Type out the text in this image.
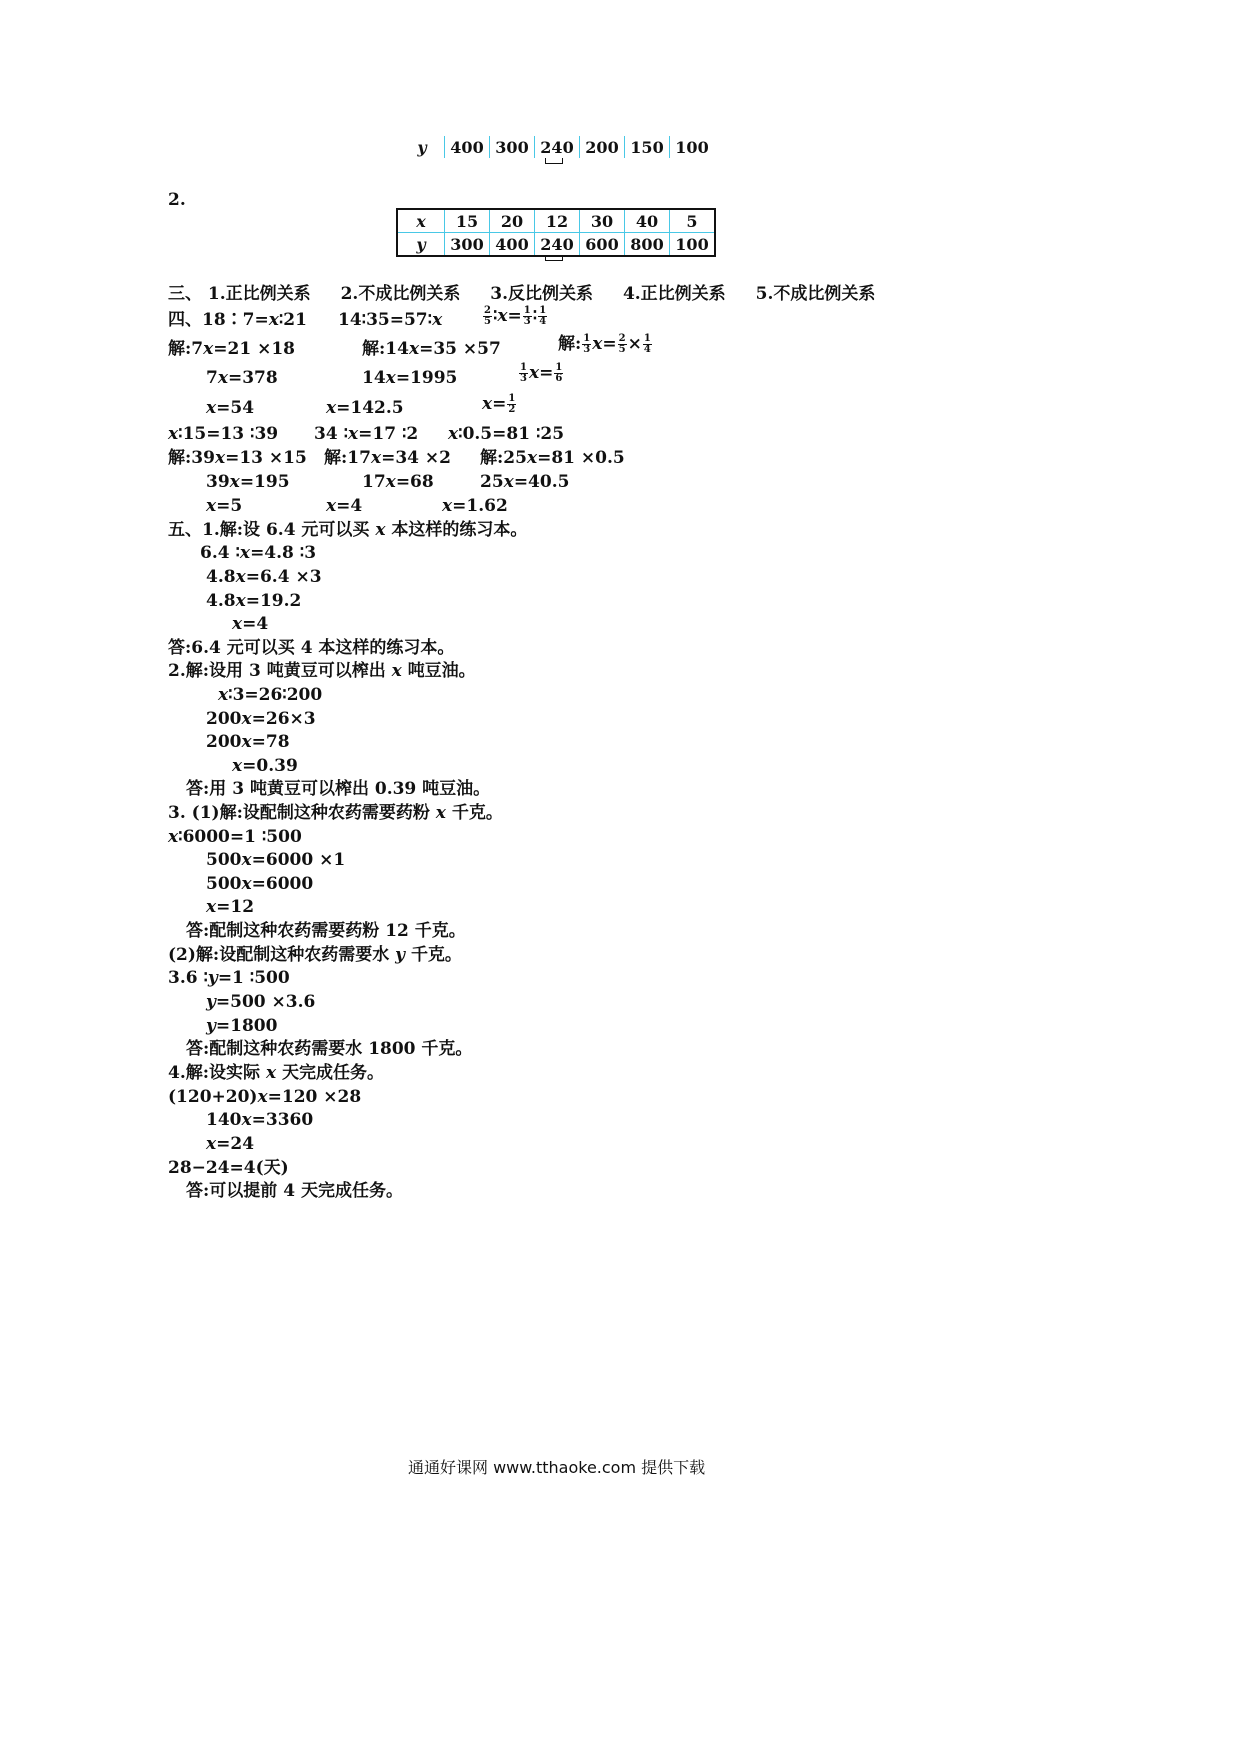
y	400	300	240	200	150	100
2.
x	15	20	12	30	40	5
y	300	400	240	600	800	100
三、 1.正比例关系 2.不成比例关系 3.反比例关系 4.正比例关系 5.不成比例关系
四、18∶7=x∶21 14∶35=57∶x	$\frac{2}{5}$ ∶x= $\frac{1}{3}$ ∶ $\frac{1}{4}$
解:7x=21 ×18	解:14x=35 ×57	解: $\frac{1}{3} x= \frac{2}{5} \times \frac{1}{4}$
7x=378	14x=1995	$\frac{1}{3} x= \frac{1}{6}$
x=54	x=142.5	$x= \frac{1}{2}$
x∶15=13 ∶39 34 ∶x=17 ∶2 x∶0.5=81 ∶25
解:39x=13 ×15 解:17x=34 ×2 解:25x=81 ×0.5
39x=195	17x=68	25x=40.5
x=5	x=4	x=1.62
五、1.解:设 6.4 元可以买 x 本这样的练习本。
6.4 ∶x=4.8 ∶3
4.8x=6.4 ×3
4.8x=19.2
x=4
答:6.4 元可以买 4 本这样的练习本。
2.解:设用 3 吨黄豆可以榨出 x 吨豆油。
x∶3=26∶200
200x=26×3
200x=78
x=0.39
答:用 3 吨黄豆可以榨出 0.39 吨豆油。
3. (1)解:设配制这种农药需要药粉 x 千克。
x∶6000=1 ∶500
500x=6000 ×1
500x=6000
x=12
答:配制这种农药需要药粉 12 千克。
(2)解:设配制这种农药需要水 y 千克。
3.6 ∶y=1 ∶500
y=500 ×3.6
y=1800
答:配制这种农药需要水 1800 千克。
4.解:设实际 x 天完成任务。
(120+20)x=120 ×28
140x=3360
x=24
28−24=4(天)
答:可以提前 4 天完成任务。
通通好课网 www.tthaoke.com 提供下载
